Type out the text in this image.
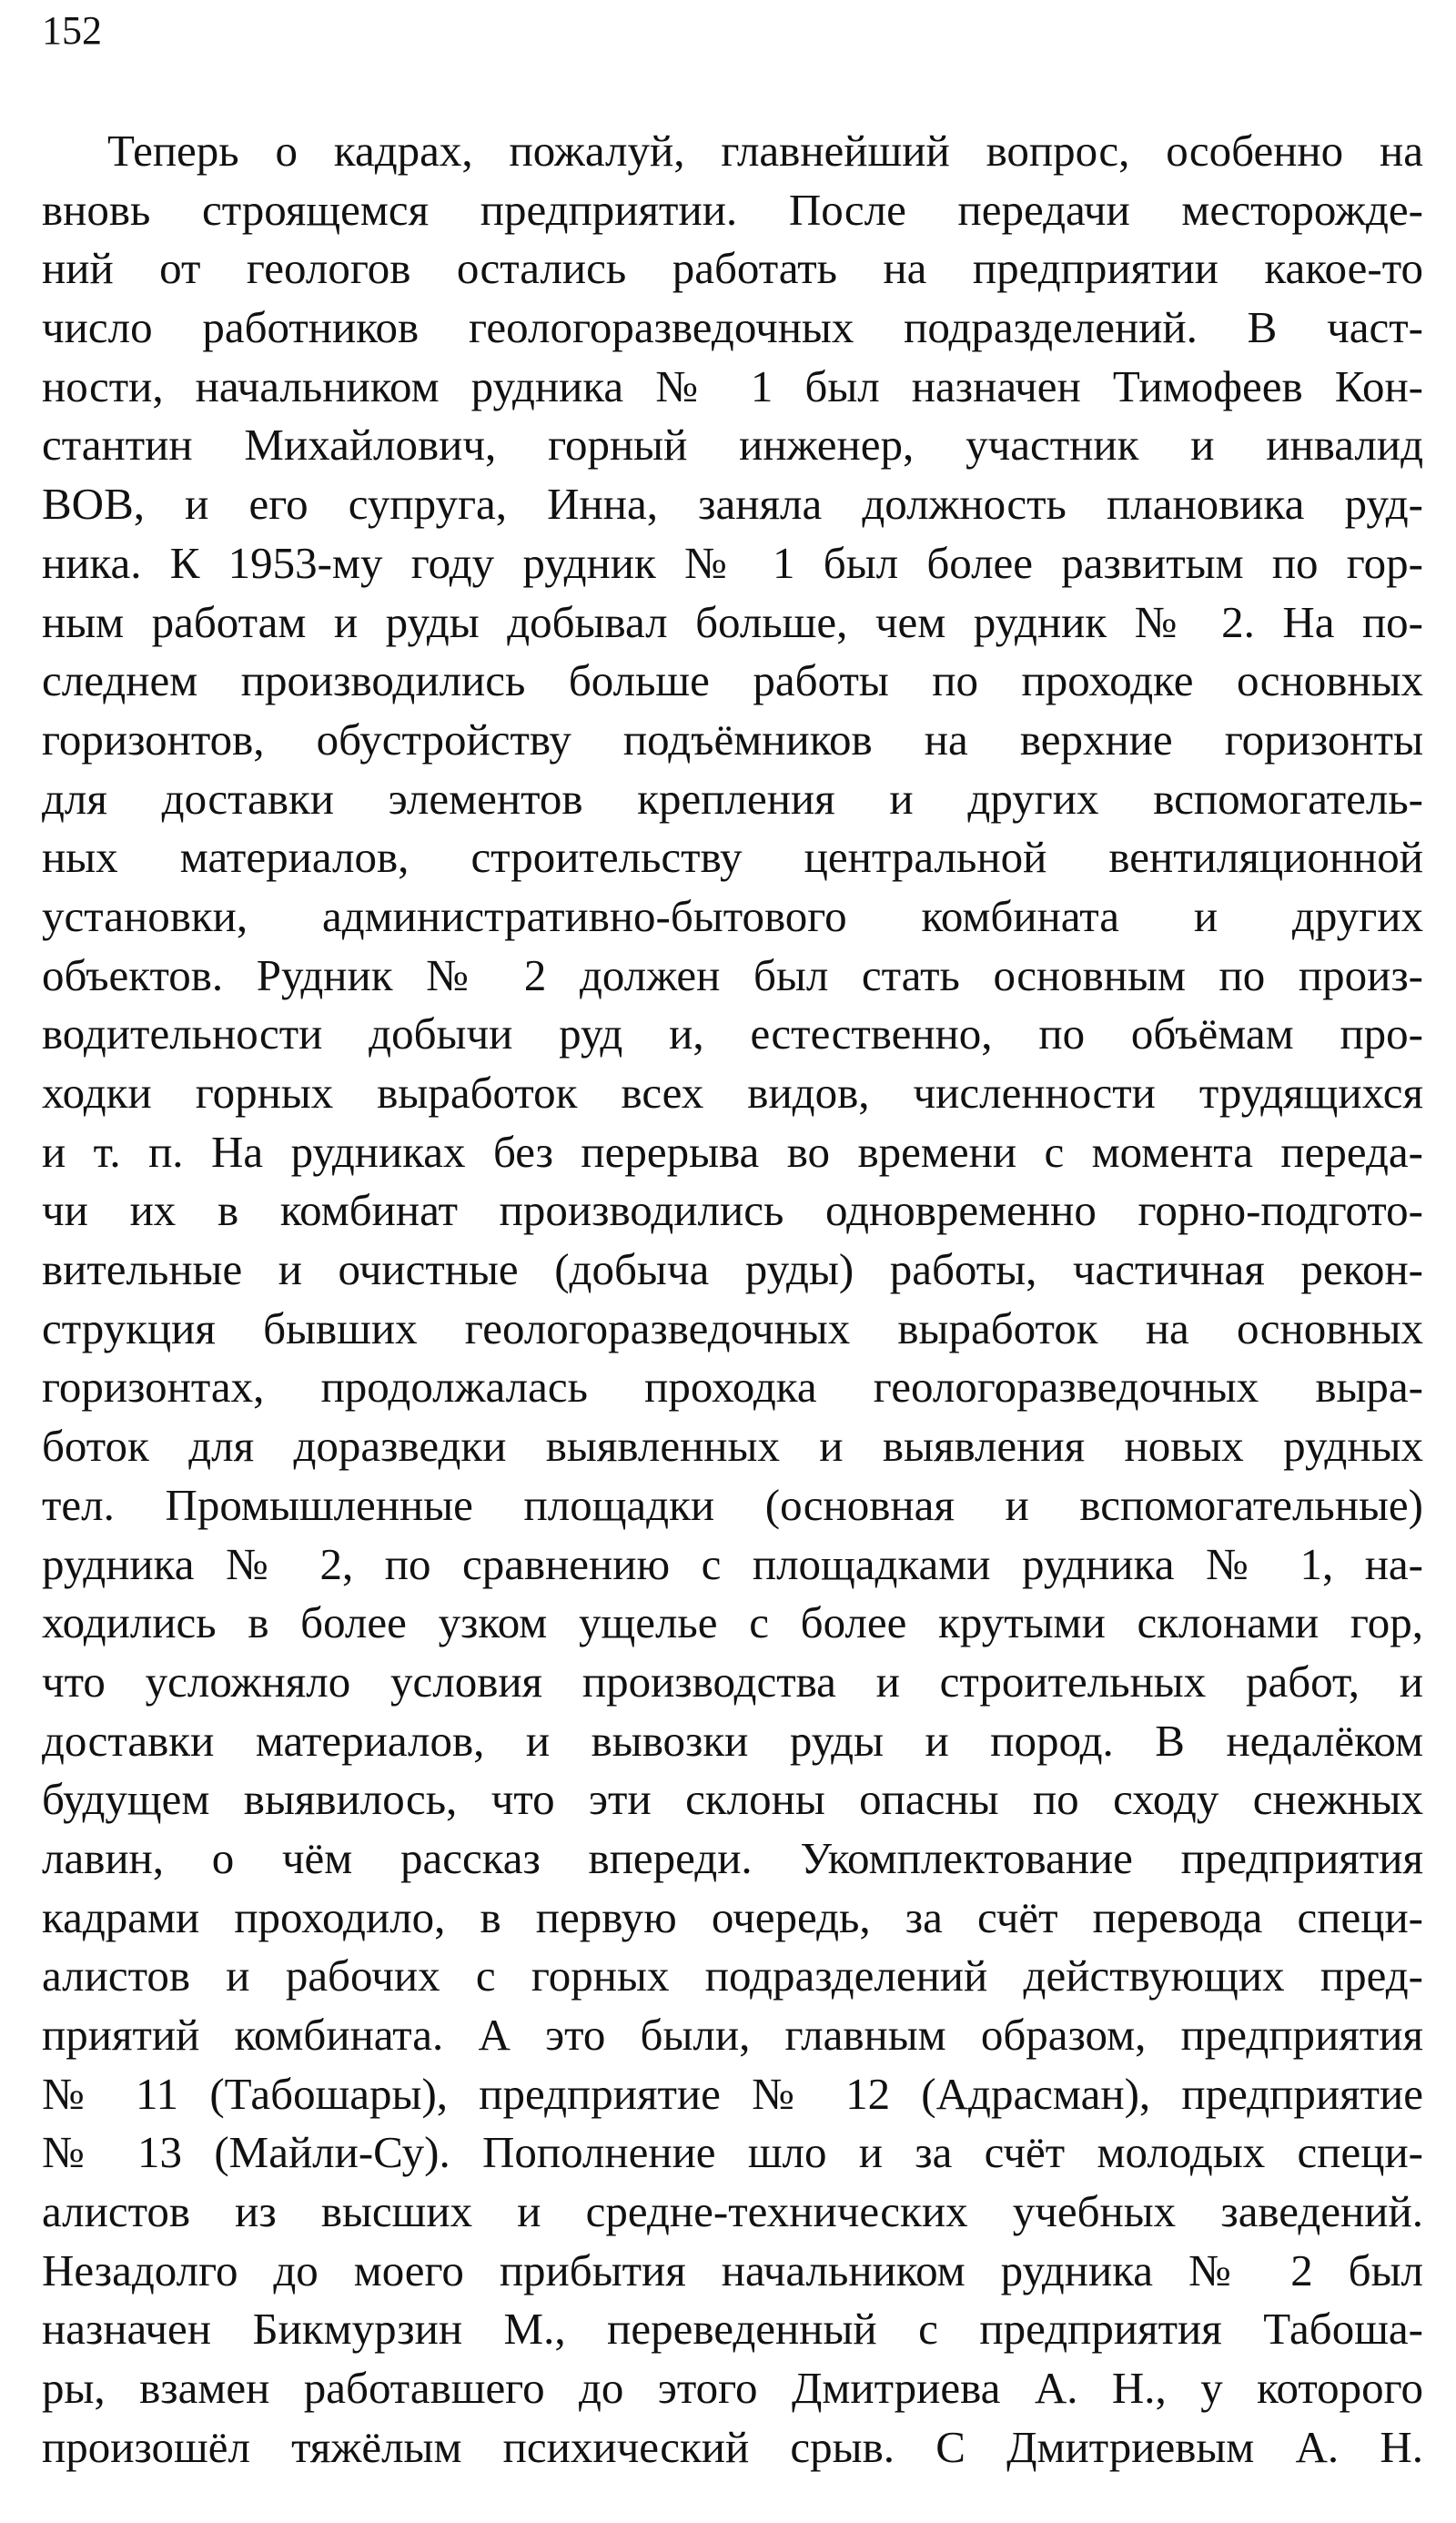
152
Теперь о кадрах, пожалуй, главнейший вопрос, особенно на
вновь строящемся предприятии. После передачи месторожде-
ний от геологов остались работать на предприятии какое-то
число работников геологоразведочных подразделений. В част-
ности, начальником рудника № 1 был назначен Тимофеев Кон-
стантин Михайлович, горный инженер, участник и инвалид
ВОВ, и его супруга, Инна, заняла должность плановика руд-
ника. К 1953-му году рудник № 1 был более развитым по гор-
ным работам и руды добывал больше, чем рудник № 2. На по-
следнем производились больше работы по проходке основных
горизонтов, обустройству подъёмников на верхние горизонты
для доставки элементов крепления и других вспомогатель-
ных материалов, строительству центральной вентиляционной
установки, административно-бытового комбината и других
объектов. Рудник № 2 должен был стать основным по произ-
водительности добычи руд и, естественно, по объёмам про-
ходки горных выработок всех видов, численности трудящихся
и т. п. На рудниках без перерыва во времени с момента переда-
чи их в комбинат производились одновременно горно-подгото-
вительные и очистные (добыча руды) работы, частичная рекон-
струкция бывших геологоразведочных выработок на основных
горизонтах, продолжалась проходка геологоразведочных выра-
боток для доразведки выявленных и выявления новых рудных
тел. Промышленные площадки (основная и вспомогательные)
рудника № 2, по сравнению с площадками рудника № 1, на-
ходились в более узком ущелье с более крутыми склонами гор,
что усложняло условия производства и строительных работ, и
доставки материалов, и вывозки руды и пород. В недалёком
будущем выявилось, что эти склоны опасны по сходу снежных
лавин, о чём рассказ впереди. Укомплектование предприятия
кадрами проходило, в первую очередь, за счёт перевода специ-
алистов и рабочих с горных подразделений действующих пред-
приятий комбината. А это были, главным образом, предприятия
№ 11 (Табошары), предприятие № 12 (Адрасман), предприятие
№ 13 (Майли-Су). Пополнение шло и за счёт молодых специ-
алистов из высших и средне-технических учебных заведений.
Незадолго до моего прибытия начальником рудника № 2 был
назначен Бикмурзин М., переведенный с предприятия Табоша-
ры, взамен работавшего до этого Дмитриева А. Н., у которого
произошёл тяжёлым психический срыв. С Дмитриевым А. Н.
